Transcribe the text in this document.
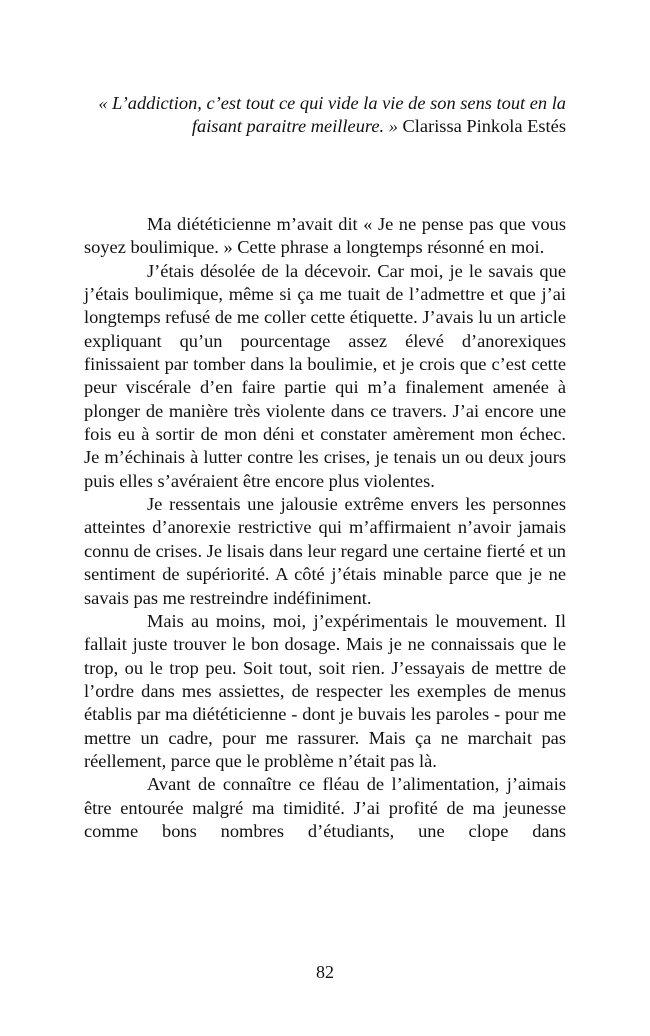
« L’addiction, c’est tout ce qui vide la vie de son sens tout en la faisant paraitre meilleure. » Clarissa Pinkola Estés

Ma diététicienne m’avait dit « Je ne pense pas que vous soyez boulimique. » Cette phrase a longtemps résonné en moi.

J’étais désolée de la décevoir. Car moi, je le savais que j’étais boulimique, même si ça me tuait de l’admettre et que j’ai longtemps refusé de me coller cette étiquette. J’avais lu un article expliquant qu’un pourcentage assez élevé d’anorexiques finissaient par tomber dans la boulimie, et je crois que c’est cette peur viscérale d’en faire partie qui m’a finalement amenée à plonger de manière très violente dans ce travers. J’ai encore une fois eu à sortir de mon déni et constater amèrement mon échec. Je m’échinais à lutter contre les crises, je tenais un ou deux jours puis elles s’avéraient être encore plus violentes.

Je ressentais une jalousie extrême envers les personnes atteintes d’anorexie restrictive qui m’affirmaient n’avoir jamais connu de crises. Je lisais dans leur regard une certaine fierté et un sentiment de supériorité. A côté j’étais minable parce que je ne savais pas me restreindre indéfiniment.

Mais au moins, moi, j’expérimentais le mouvement. Il fallait juste trouver le bon dosage. Mais je ne connaissais que le trop, ou le trop peu. Soit tout, soit rien. J’essayais de mettre de l’ordre dans mes assiettes, de respecter les exemples de menus établis par ma diététicienne - dont je buvais les paroles - pour me mettre un cadre, pour me rassurer. Mais ça ne marchait pas réellement, parce que le problème n’était pas là.

Avant de connaître ce fléau de l’alimentation, j’aimais être entourée malgré ma timidité. J’ai profité de ma jeunesse comme bons nombres d’étudiants, une clope dans

82
